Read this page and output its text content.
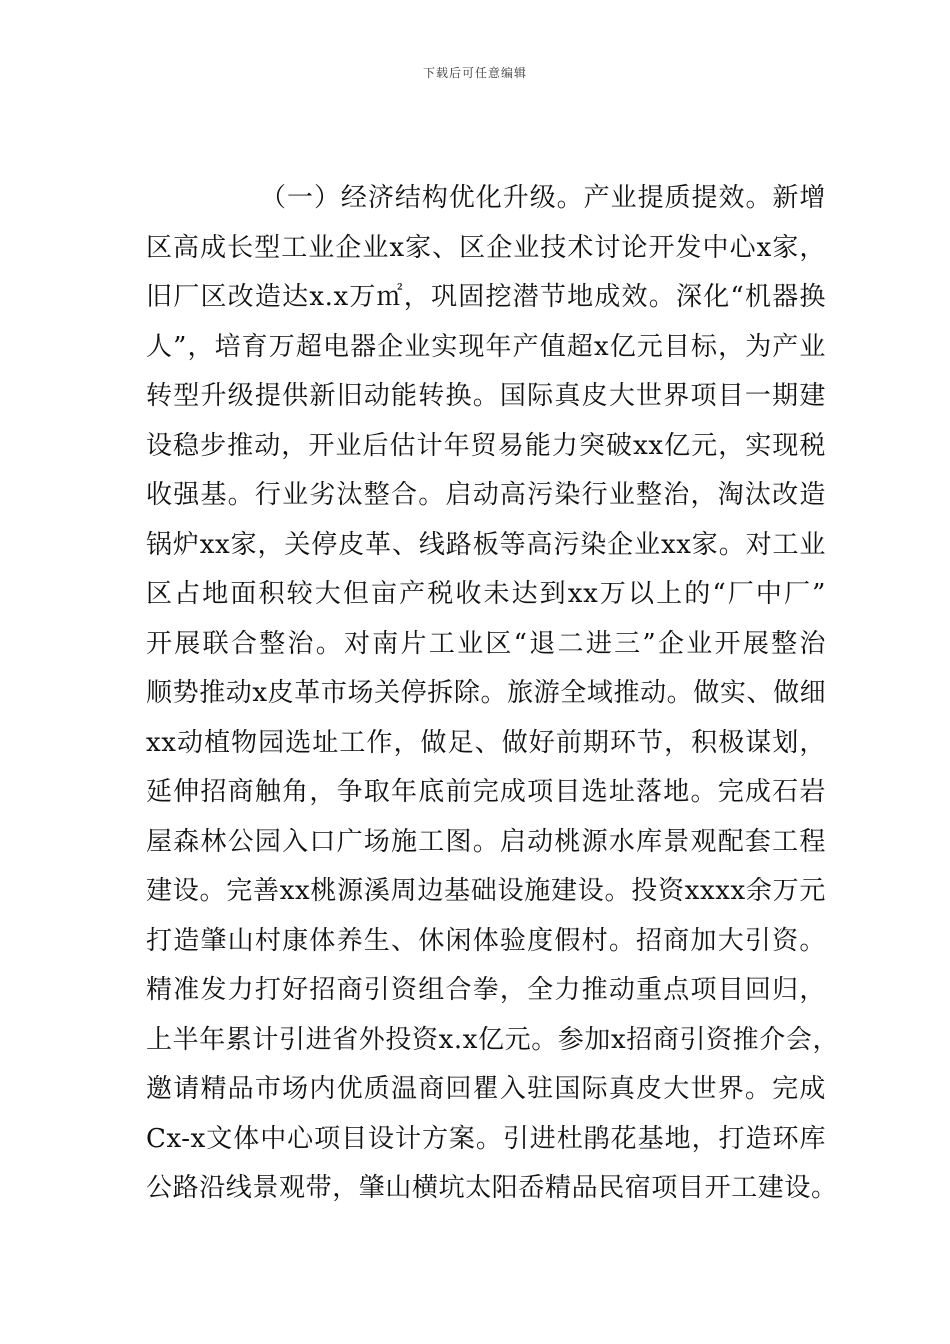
下载后可任意编辑
（一）经济结构优化升级。产业提质提效。新增
区高成长型工业企业x家、区企业技术讨论开发中心x家，
旧厂区改造达x.x万㎡，巩固挖潜节地成效。深化“机器换
人”，培育万超电器企业实现年产值超x亿元目标，为产业
转型升级提供新旧动能转换。国际真皮大世界项目一期建
设稳步推动，开业后估计年贸易能力突破xx亿元，实现税
收强基。行业劣汰整合。启动高污染行业整治，淘汰改造
锅炉xx家，关停皮革、线路板等高污染企业xx家。对工业
区占地面积较大但亩产税收未达到xx万以上的“厂中厂”
开展联合整治。对南片工业区“退二进三”企业开展整治
顺势推动x皮革市场关停拆除。旅游全域推动。做实、做细
xx动植物园选址工作，做足、做好前期环节，积极谋划，
延伸招商触角，争取年底前完成项目选址落地。完成石岩
屋森林公园入口广场施工图。启动桃源水库景观配套工程
建设。完善xx桃源溪周边基础设施建设。投资xxxx余万元
打造肇山村康体养生、休闲体验度假村。招商加大引资。
精准发力打好招商引资组合拳，全力推动重点项目回归，
上半年累计引进省外投资x.x亿元。参加x招商引资推介会，
邀请精品市场内优质温商回瞿入驻国际真皮大世界。完成
Cx-x文体中心项目设计方案。引进杜鹃花基地，打造环库
公路沿线景观带，肇山横坑太阳岙精品民宿项目开工建设。
